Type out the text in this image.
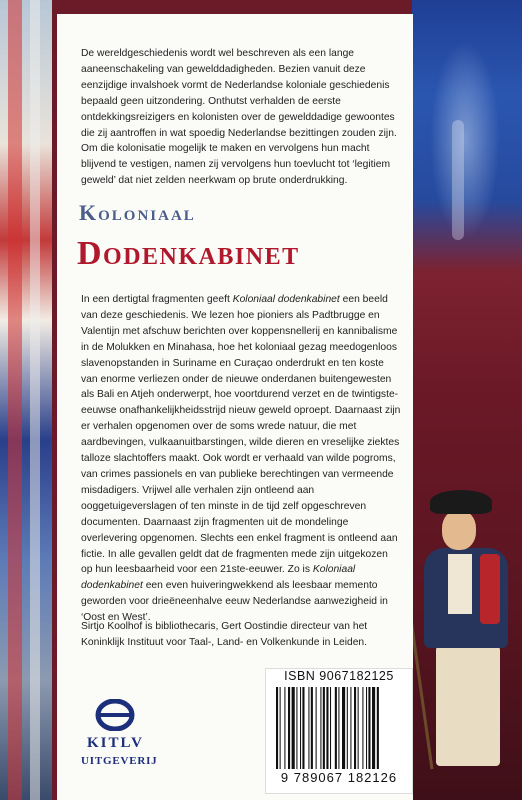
De wereldgeschiedenis wordt wel beschreven als een lange aaneenschakeling van gewelddadigheden. Bezien vanuit deze eenzijdige invalshoek vormt de Nederlandse koloniale geschiedenis bepaald geen uitzondering. Onthutst verhalden de eerste ontdekkingsreizigers en kolonisten over de gewelddadige gewoontes die zij aantroffen in wat spoedig Nederlandse bezittingen zouden zijn. Om die kolonisatie mogelijk te maken en vervolgens hun macht blijvend te vestigen, namen zij vervolgens hun toevlucht tot ‘legitiem geweld’ dat niet zelden neerkwam op brute onderdrukking.

Koloniaal
Dodenkabinet

In een dertigtal fragmenten geeft Koloniaal dodenkabinet een beeld van deze geschiedenis. We lezen hoe pioniers als Padtbrugge en Valentijn met afschuw berichten over koppensnellerij en kannibalisme in de Molukken en Minahasa, hoe het koloniaal gezag meedogenloos slavenopstanden in Suriname en Curaçao onderdrukt en ten koste van enorme verliezen onder de nieuwe onderdanen buitengewesten als Bali en Atjeh onderwerpt, hoe voortdurend verzet en de twintigste-eeuwse onafhankelijkheidsstrijd nieuw geweld oproept. Daarnaast zijn er verhalen opgenomen over de soms wrede natuur, die met aardbevingen, vulkaanuitbarstingen, wilde dieren en vreselijke ziektes talloze slachtoffers maakt. Ook wordt er verhaald van wilde pogroms, van crimes passionels en van publieke berechtingen van vermeende misdadigers. Vrijwel alle verhalen zijn ontleend aan ooggetuigeverslagen of ten minste in de tijd zelf opgeschreven documenten. Daarnaast zijn fragmenten uit de mondelinge overlevering opgenomen. Slechts een enkel fragment is ontleend aan fictie. In alle gevallen geldt dat de fragmenten mede zijn uitgekozen op hun leesbaarheid voor een 21ste-eeuwer. Zo is Koloniaal dodenkabinet een even huiveringwekkend als leesbaar memento geworden voor drieëneenhalve eeuw Nederlandse aanwezigheid in ‘Oost en West’.

Sirtjo Koolhof is bibliothecaris, Gert Oostindie directeur van het Koninklijk Instituut voor Taal-, Land- en Volkenkunde in Leiden.

KITLV
UITGEVERIJ
ISBN 9067182125
9 789067 182126
